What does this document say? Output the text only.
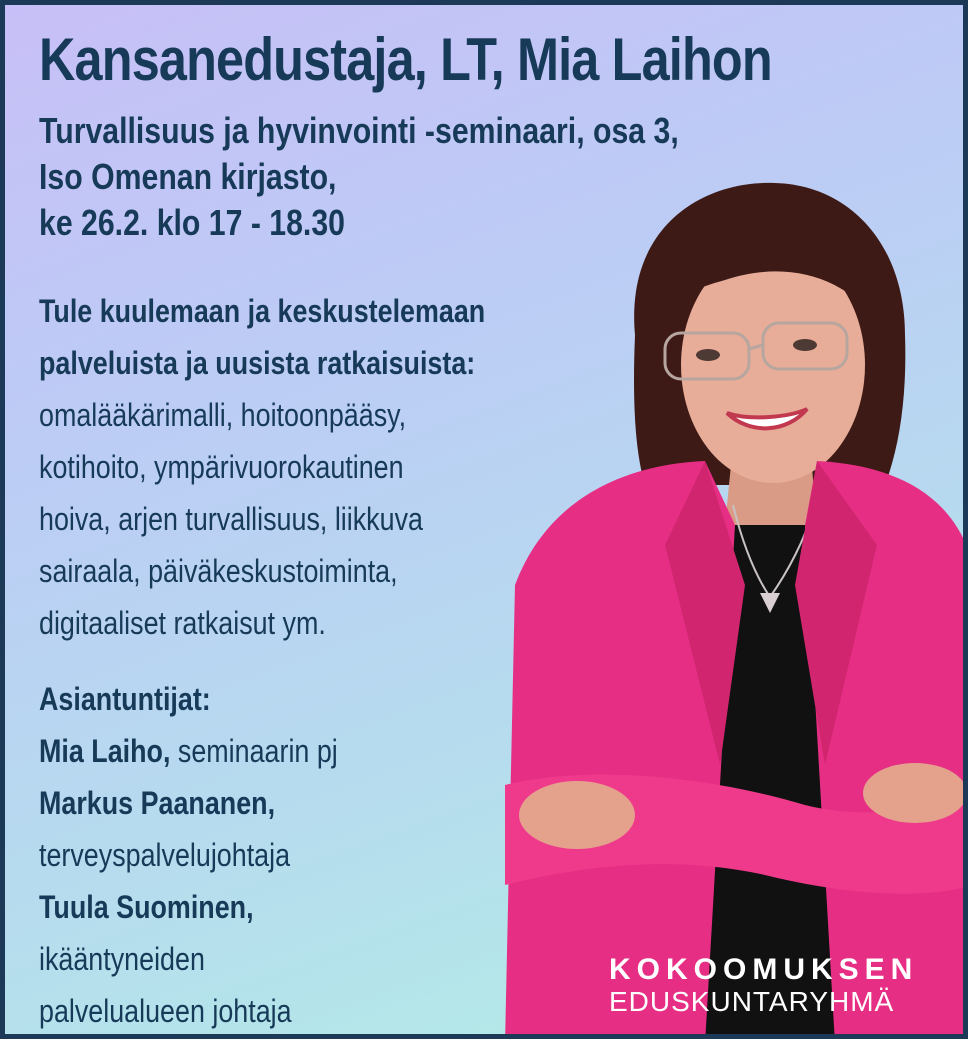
Kansanedustaja, LT, Mia Laihon
Turvallisuus ja hyvinvointi -seminaari, osa 3,
Iso Omenan kirjasto,
ke 26.2. klo 17 - 18.30
Tule kuulemaan ja keskustelemaan
palveluista ja uusista ratkaisuista:
omalääkärimalli, hoitoonpääsy,
kotihoito, ympärivuorokautinen
hoiva, arjen turvallisuus, liikkuva
sairaala, päiväkeskustoiminta,
digitaaliset ratkaisut ym.
Asiantuntijat:
Mia Laiho, seminaarin pj
Markus Paananen,
terveyspalvelujohtaja
Tuula Suominen,
ikääntyneiden
palvelualueen johtaja
KOKOOMUKSEN
EDUSKUNTARYHMÄ
